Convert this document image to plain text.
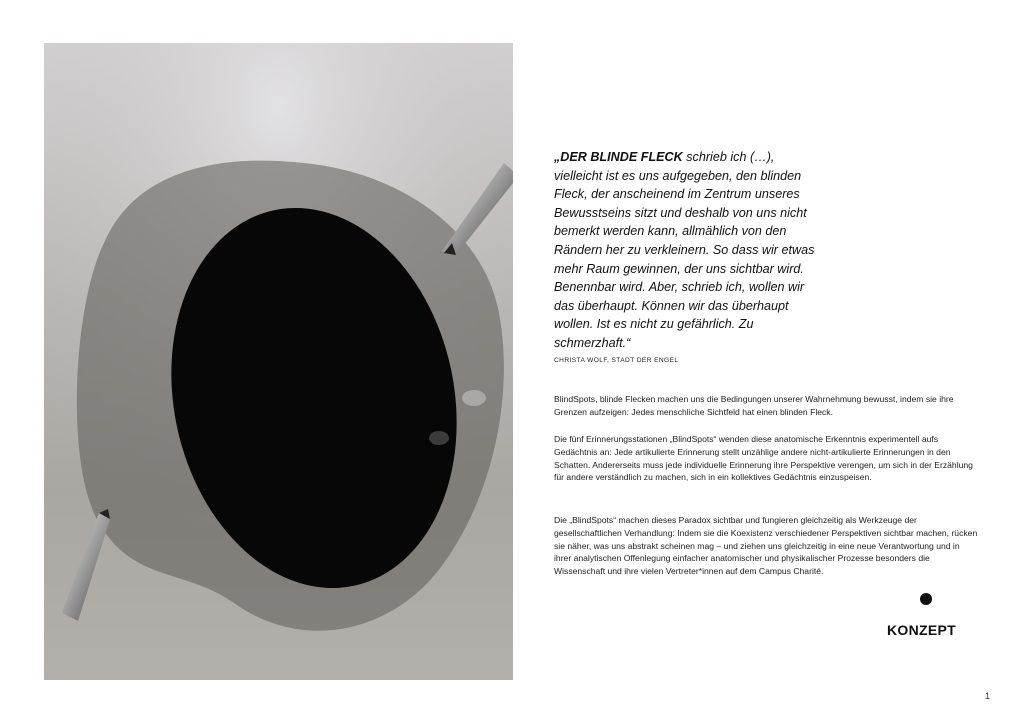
„DER BLINDE FLECK schrieb ich (…), vielleicht ist es uns aufgegeben, den blinden Fleck, der anscheinend im Zentrum unseres Bewusstseins sitzt und deshalb von uns nicht bemerkt werden kann, allmählich von den Rändern her zu verkleinern. So dass wir etwas mehr Raum gewinnen, der uns sichtbar wird. Benennbar wird. Aber, schrieb ich, wollen wir das überhaupt. Können wir das überhaupt wollen. Ist es nicht zu gefährlich. Zu schmerzhaft.“
CHRISTA WOLF, STADT DER ENGEL
BlindSpots, blinde Flecken machen uns die Bedingungen unserer Wahrnehmung bewusst, indem sie ihre Grenzen aufzeigen: Jedes menschliche Sichtfeld hat einen blinden Fleck.
Die fünf Erinnerungsstationen „BlindSpots“ wenden diese anatomische Erkenntnis experimentell aufs Gedächtnis an: Jede artikulierte Erinnerung stellt unzählige andere nicht-artikulierte Erinnerungen in den Schatten. Andererseits muss jede individuelle Erinnerung ihre Perspektive verengen, um sich in der Erzählung für andere verständlich zu machen, sich in ein kollektives Gedächtnis einzuspeisen.
Die „BlindSpots“ machen dieses Paradox sichtbar und fungieren gleichzeitig als Werkzeuge der gesellschaftlichen Verhandlung: Indem sie die Koexistenz verschiedener Perspektiven sichtbar machen, rücken sie näher, was uns abstrakt scheinen mag – und ziehen uns gleichzeitig in eine neue Verantwortung und in ihrer analytischen Offenlegung einfacher anatomischer und physikalischer Prozesse besonders die Wissenschaft und ihre vielen Vertreter*innen auf dem Campus Charité.
KONZEPT
1
